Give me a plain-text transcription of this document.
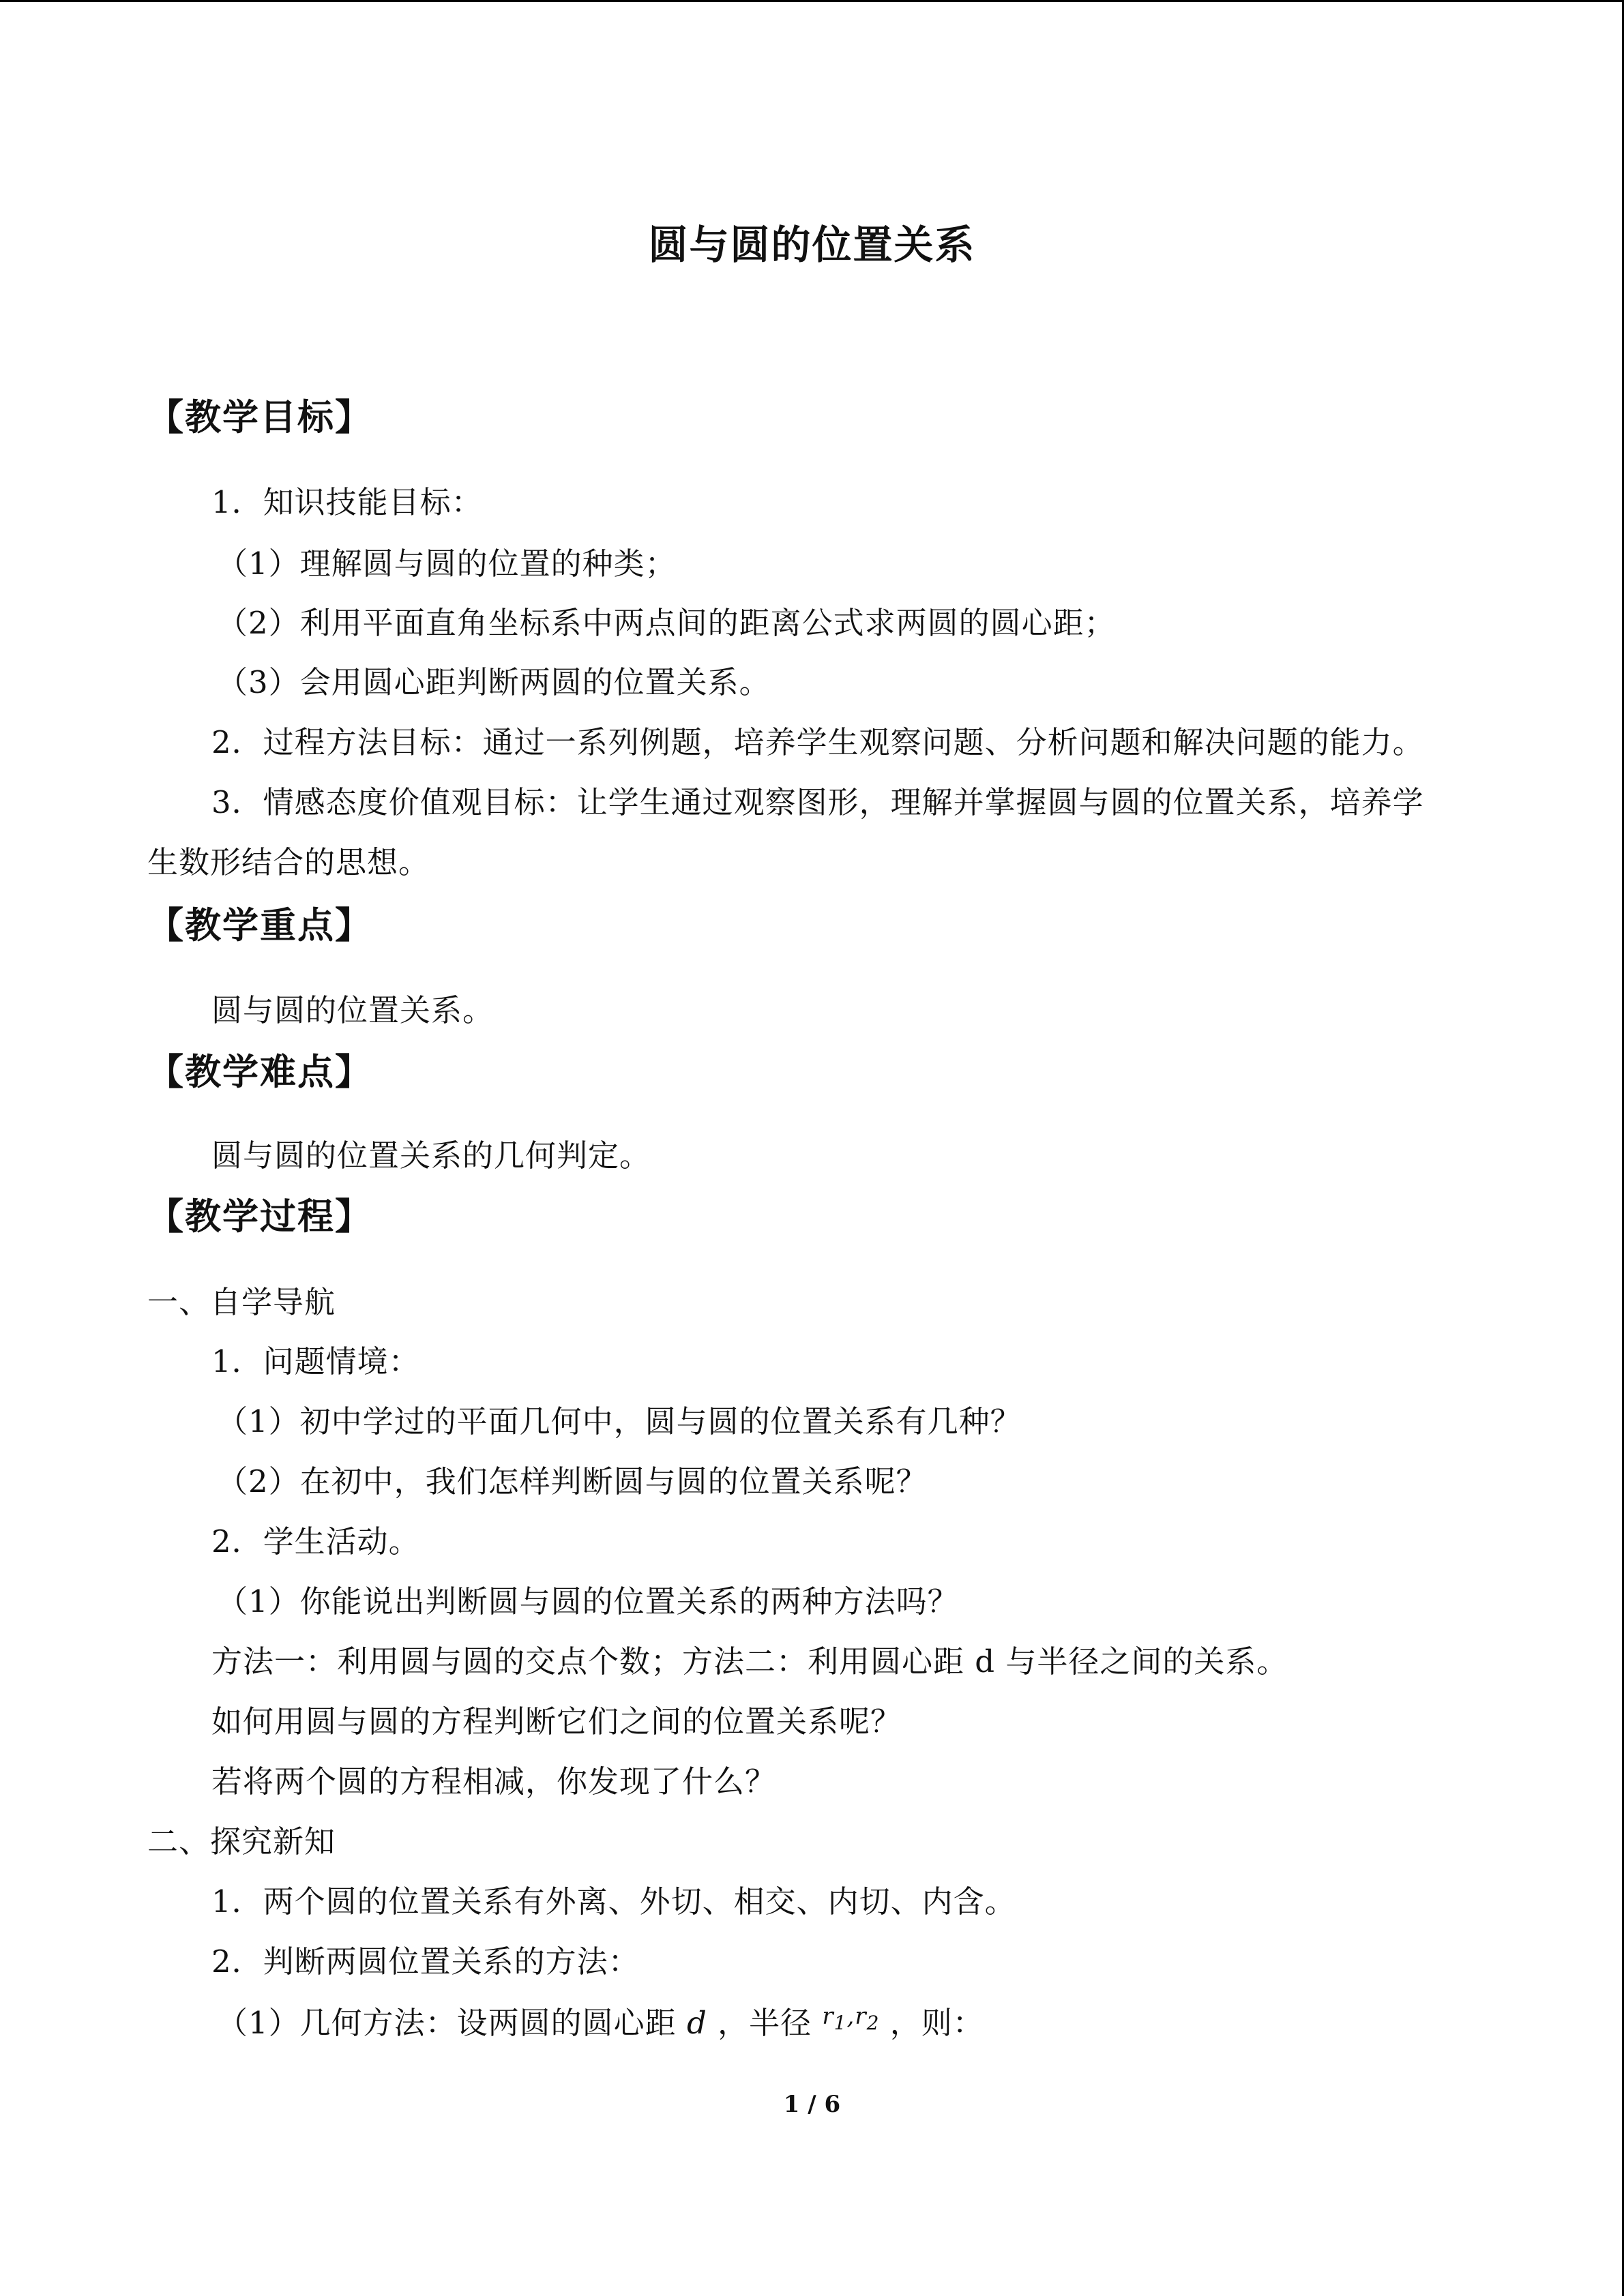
圆与圆的位置关系
【教学目标】
1．知识技能目标：
（1）理解圆与圆的位置的种类；
（2）利用平面直角坐标系中两点间的距离公式求两圆的圆心距；
（3）会用圆心距判断两圆的位置关系。
2．过程方法目标：通过一系列例题，培养学生观察问题、分析问题和解决问题的能力。
3．情感态度价值观目标：让学生通过观察图形，理解并掌握圆与圆的位置关系，培养学
生数形结合的思想。
【教学重点】
圆与圆的位置关系。
【教学难点】
圆与圆的位置关系的几何判定。
【教学过程】
一、自学导航
1．问题情境：
（1）初中学过的平面几何中，圆与圆的位置关系有几种？
（2）在初中，我们怎样判断圆与圆的位置关系呢？
2．学生活动。
（1）你能说出判断圆与圆的位置关系的两种方法吗？
方法一：利用圆与圆的交点个数；方法二：利用圆心距 d 与半径之间的关系。
如何用圆与圆的方程判断它们之间的位置关系呢？
若将两个圆的方程相减，你发现了什么？
二、探究新知
1．两个圆的位置关系有外离、外切、相交、内切、内含。
2．判断两圆位置关系的方法：
（1）几何方法：设两圆的圆心距 d ，半径 $^{r_1,r_2}$ ，则：
1 / 6
